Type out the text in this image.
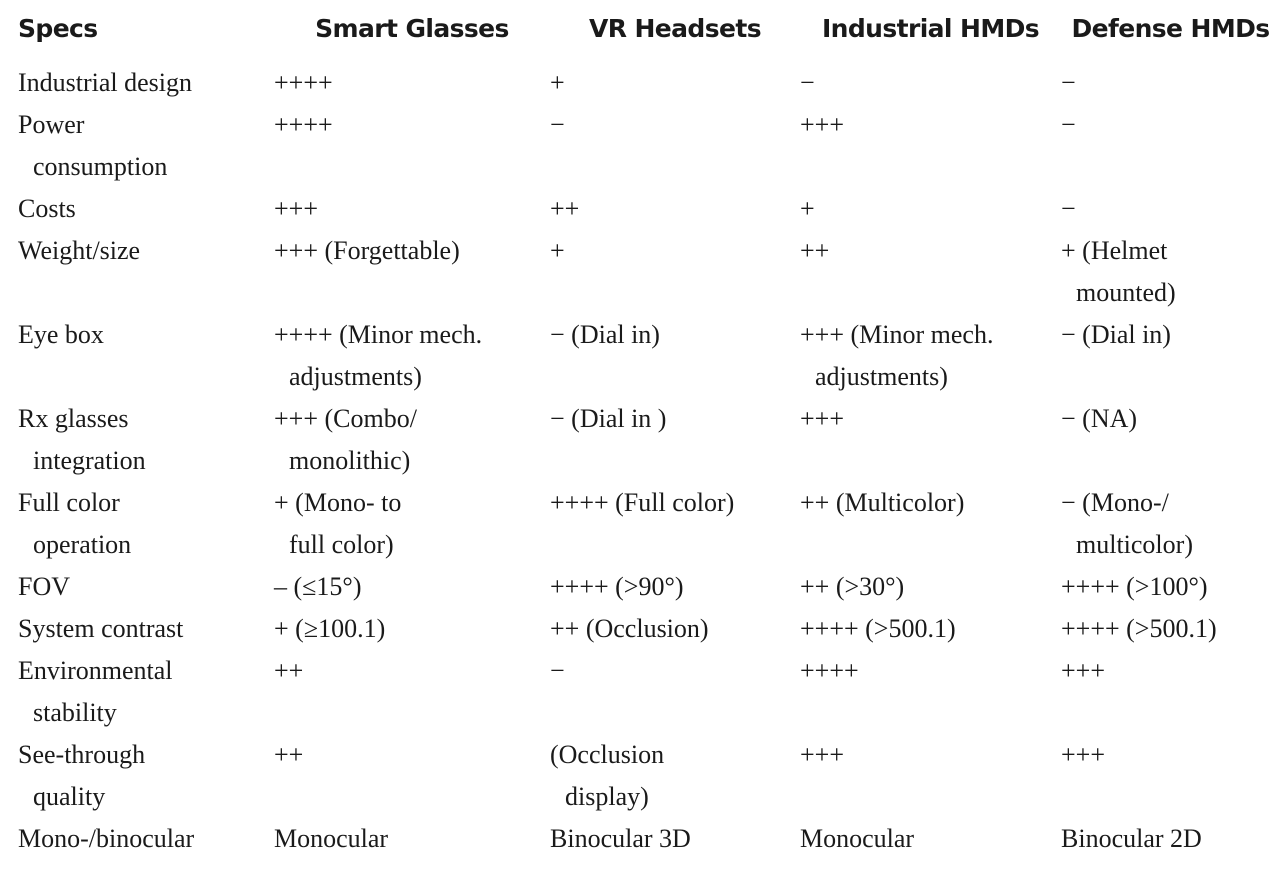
Specs	Smart Glasses	VR Headsets	Industrial HMDs	Defense HMDs

Industrial design	++++	+	−	−

Power
consumption	++++	−	+++	−

Costs	+++	++	+	−

Weight/size	+++ (Forgettable)	+	++	+ (Helmet
mounted)

Eye box	++++ (Minor mech.
adjustments)	− (Dial in)	+++ (Minor mech.
adjustments)	− (Dial in)

Rx glasses
integration	+++ (Combo/
monolithic)	− (Dial in )	+++	− (NA)

Full color
operation	+ (Mono- to
full color)	++++ (Full color)	++ (Multicolor)	− (Mono-/
multicolor)

FOV	– (≤15°)	++++ (>90°)	++ (>30°)	++++ (>100°)

System contrast	+ (≥100.1)	++ (Occlusion)	++++ (>500.1)	++++ (>500.1)

Environmental
stability	++	−	++++	+++

See-through
quality	++	(Occlusion
display)	+++	+++

Mono-/binocular	Monocular	Binocular 3D	Monocular	Binocular 2D
